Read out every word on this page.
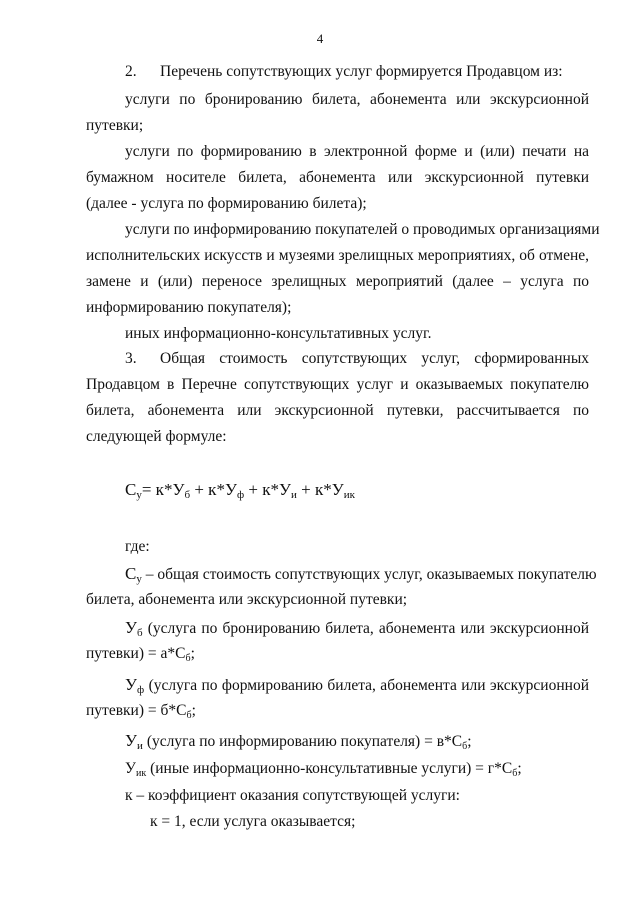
4
2. Перечень сопутствующих услуг формируется Продавцом из:
услуги по бронированию билета, абонемента или экскурсионной
путевки;
услуги по формированию в электронной форме и (или) печати на
бумажном носителе билета, абонемента или экскурсионной путевки
(далее - услуга по формированию билета);
услуги по информированию покупателей о проводимых организациями
исполнительских искусств и музеями зрелищных мероприятиях, об отмене,
замене и (или) переносе зрелищных мероприятий (далее – услуга по
информированию покупателя);
иных информационно-консультативных услуг.
3. Общая стоимость сопутствующих услуг, сформированных
Продавцом в Перечне сопутствующих услуг и оказываемых покупателю
билета, абонемента или экскурсионной путевки, рассчитывается по
следующей формуле:
$С_у= к*У_б + к*У_ф + к*У_и + к*У_{ик}$
где:
$С_у$ – общая стоимость сопутствующих услуг, оказываемых покупателю
билета, абонемента или экскурсионной путевки;
$У_б$ (услуга по бронированию билета, абонемента или экскурсионной
путевки) = а*Сб;
$У_ф$ (услуга по формированию билета, абонемента или экскурсионной
путевки) = б*Сб;
$У_и$ (услуга по информированию покупателя) = в*Сб;
Уик (иные информационно-консультативные услуги) = г*Сб;
к – коэффициент оказания сопутствующей услуги:
к = 1, если услуга оказывается;
